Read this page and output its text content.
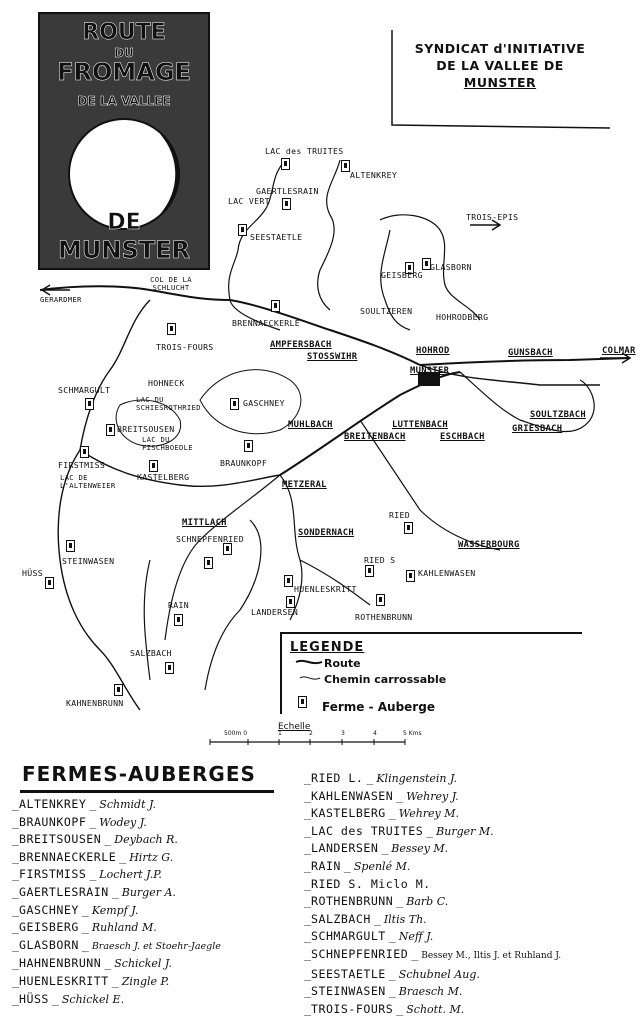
ROUTE
DU
FROMAGE
DE LA VALLEE
DE
MUNSTER
SYNDICAT d'INITIATIVE
DE LA VALLEE DE
MUNSTER
LAC des TRUITES
ALTENKREY
GAERTLESRAIN
LAC VERT
SEESTAETLE
TROIS-EPIS
GEISBERG
GLASBORN
COL DE LA SCHLUCHT
GERARDMER
BRENNAECKERLE
SOULTZEREN
HOHRODBERG
TROIS-FOURS	AMPFERSBACH
STOSSWIHR
HOHROD	GUNSBACH	COLMAR
SCHMARGULT
HOHNECK
MUNSTER
LAC DU SCHIESROTHRIED	GASCHNEY
SOULTZBACH
BREITSOUSEN
LAC DU FISCHBOEDLE
MUHLBACH	LUTTENBACH	GRIESBACH
BREITENBACH	ESCHBACH
FIRSTMISS
KASTELBERG
BRAUNKOPF
LAC DE L'ALTENWEIER	METZERAL
RIED
MITTLACH
SCHNEPFENRIED
WASSERBOURG
STEINWASEN
SONDERNACH
RIED S
HÜSS	KAHLENWASEN
HUENLESKRITT
LANDERSEN	ROTHENBRUNN
RAIN
SALZBACH
KAHNENBRUNN
LEGENDE
Route
Chemin carrossable
Ferme - Auberge
Echelle
500m 0	1	2	3	4	5 Kms
FERMES-AUBERGES
_ALTENKREY _ Schmidt J.
_BRAUNKOPF _ Wodey J.
_BREITSOUSEN _ Deybach R.
_BRENNAECKERLE _ Hirtz G.
_FIRSTMISS _ Lochert J.P.
_GAERTLESRAIN _ Burger A.
_GASCHNEY _ Kempf J.
_GEISBERG _ Ruhland M.
_GLASBORN _ Braesch J. et Stoehr-Jaegle
_HAHNENBRUNN _ Schickel J.
_HUENLESKRITT _ Zingle P.
_HÜSS _ Schickel E.
_RIED L. _ Klingenstein J.
_KAHLENWASEN _ Wehrey J.
_KASTELBERG _ Wehrey M.
_LAC des TRUITES _ Burger M.
_LANDERSEN _ Bessey M.
_RAIN _ Spenlé M.
_RIED S. Miclo M.
_ROTHENBRUNN _ Barb C.
_SALZBACH _ Iltis Th.
_SCHMARGULT _ Neff J.
_SCHNEPFENRIED _ Bessey M., Iltis J. et Ruhland J.
_SEESTAETLE _ Schubnel Aug.
_STEINWASEN _ Braesch M.
_TROIS-FOURS _ Schott. M.
